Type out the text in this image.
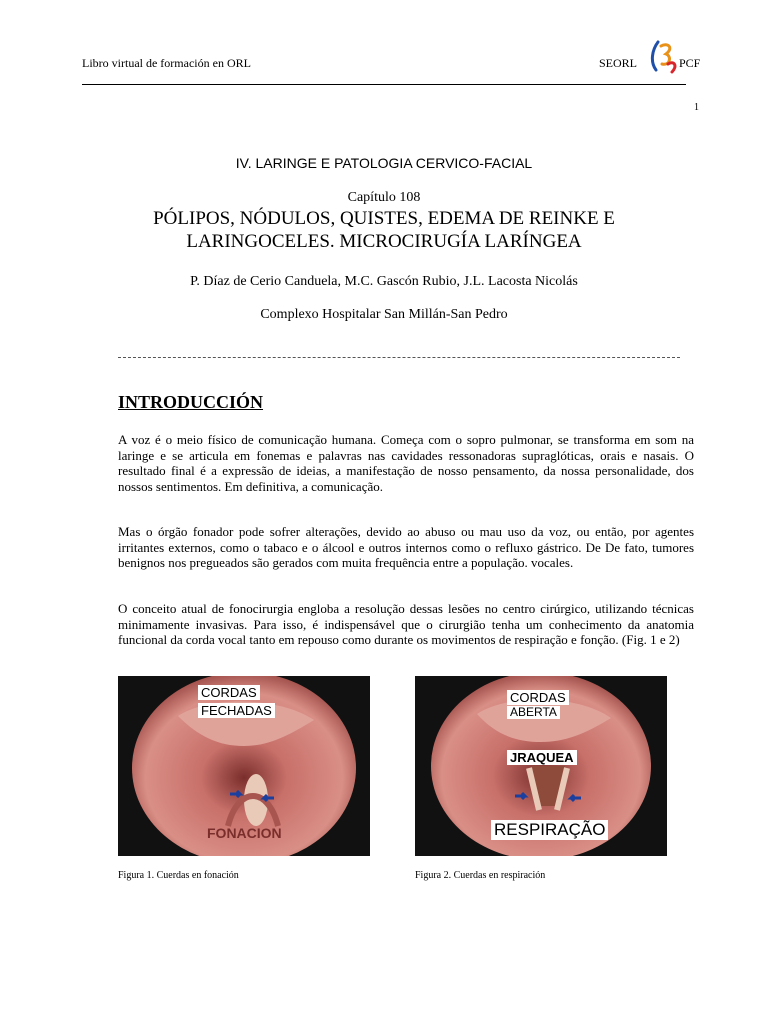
Libro virtual de formación en ORL	SEORL	PCF
1
IV. LARINGE E PATOLOGIA CERVICO-FACIAL
Capítulo 108
PÓLIPOS, NÓDULOS, QUISTES, EDEMA DE REINKE E
LARINGOCELES. MICROCIRUGÍA LARÍNGEA
P. Díaz de Cerio Canduela, M.C. Gascón Rubio, J.L. Lacosta Nicolás
Complexo Hospitalar San Millán-San Pedro
INTRODUCCIÓN
A voz é o meio físico de comunicação humana. Começa com o sopro pulmonar, se transforma em som na laringe e se articula em fonemas e palavras nas cavidades ressonadoras supraglóticas, orais e nasais. O resultado final é a expressão de ideias, a manifestação de nosso pensamento, da nossa personalidade, dos nossos sentimentos. Em definitiva, a comunicação.
Mas o órgão fonador pode sofrer alterações, devido ao abuso ou mau uso da voz, ou então, por agentes irritantes externos, como o tabaco e o álcool e outros internos como o refluxo gástrico. De De fato, tumores benignos nos pregueados são gerados com muita frequência entre a população. vocales.
O conceito atual de fonocirurgia engloba a resolução dessas lesões no centro cirúrgico, utilizando técnicas minimamente invasivas. Para isso, é indispensável que o cirurgião tenha um conhecimento da anatomia funcional da corda vocal tanto em repouso como durante os movimentos de respiração e fonção. (Fig. 1 e 2)
CORDAS
FECHADAS
FONACION
Figura 1. Cuerdas en fonación
CORDAS
ABERTA
JRAQUEA
RESPIRAÇÃO
Figura 2. Cuerdas en respiración
